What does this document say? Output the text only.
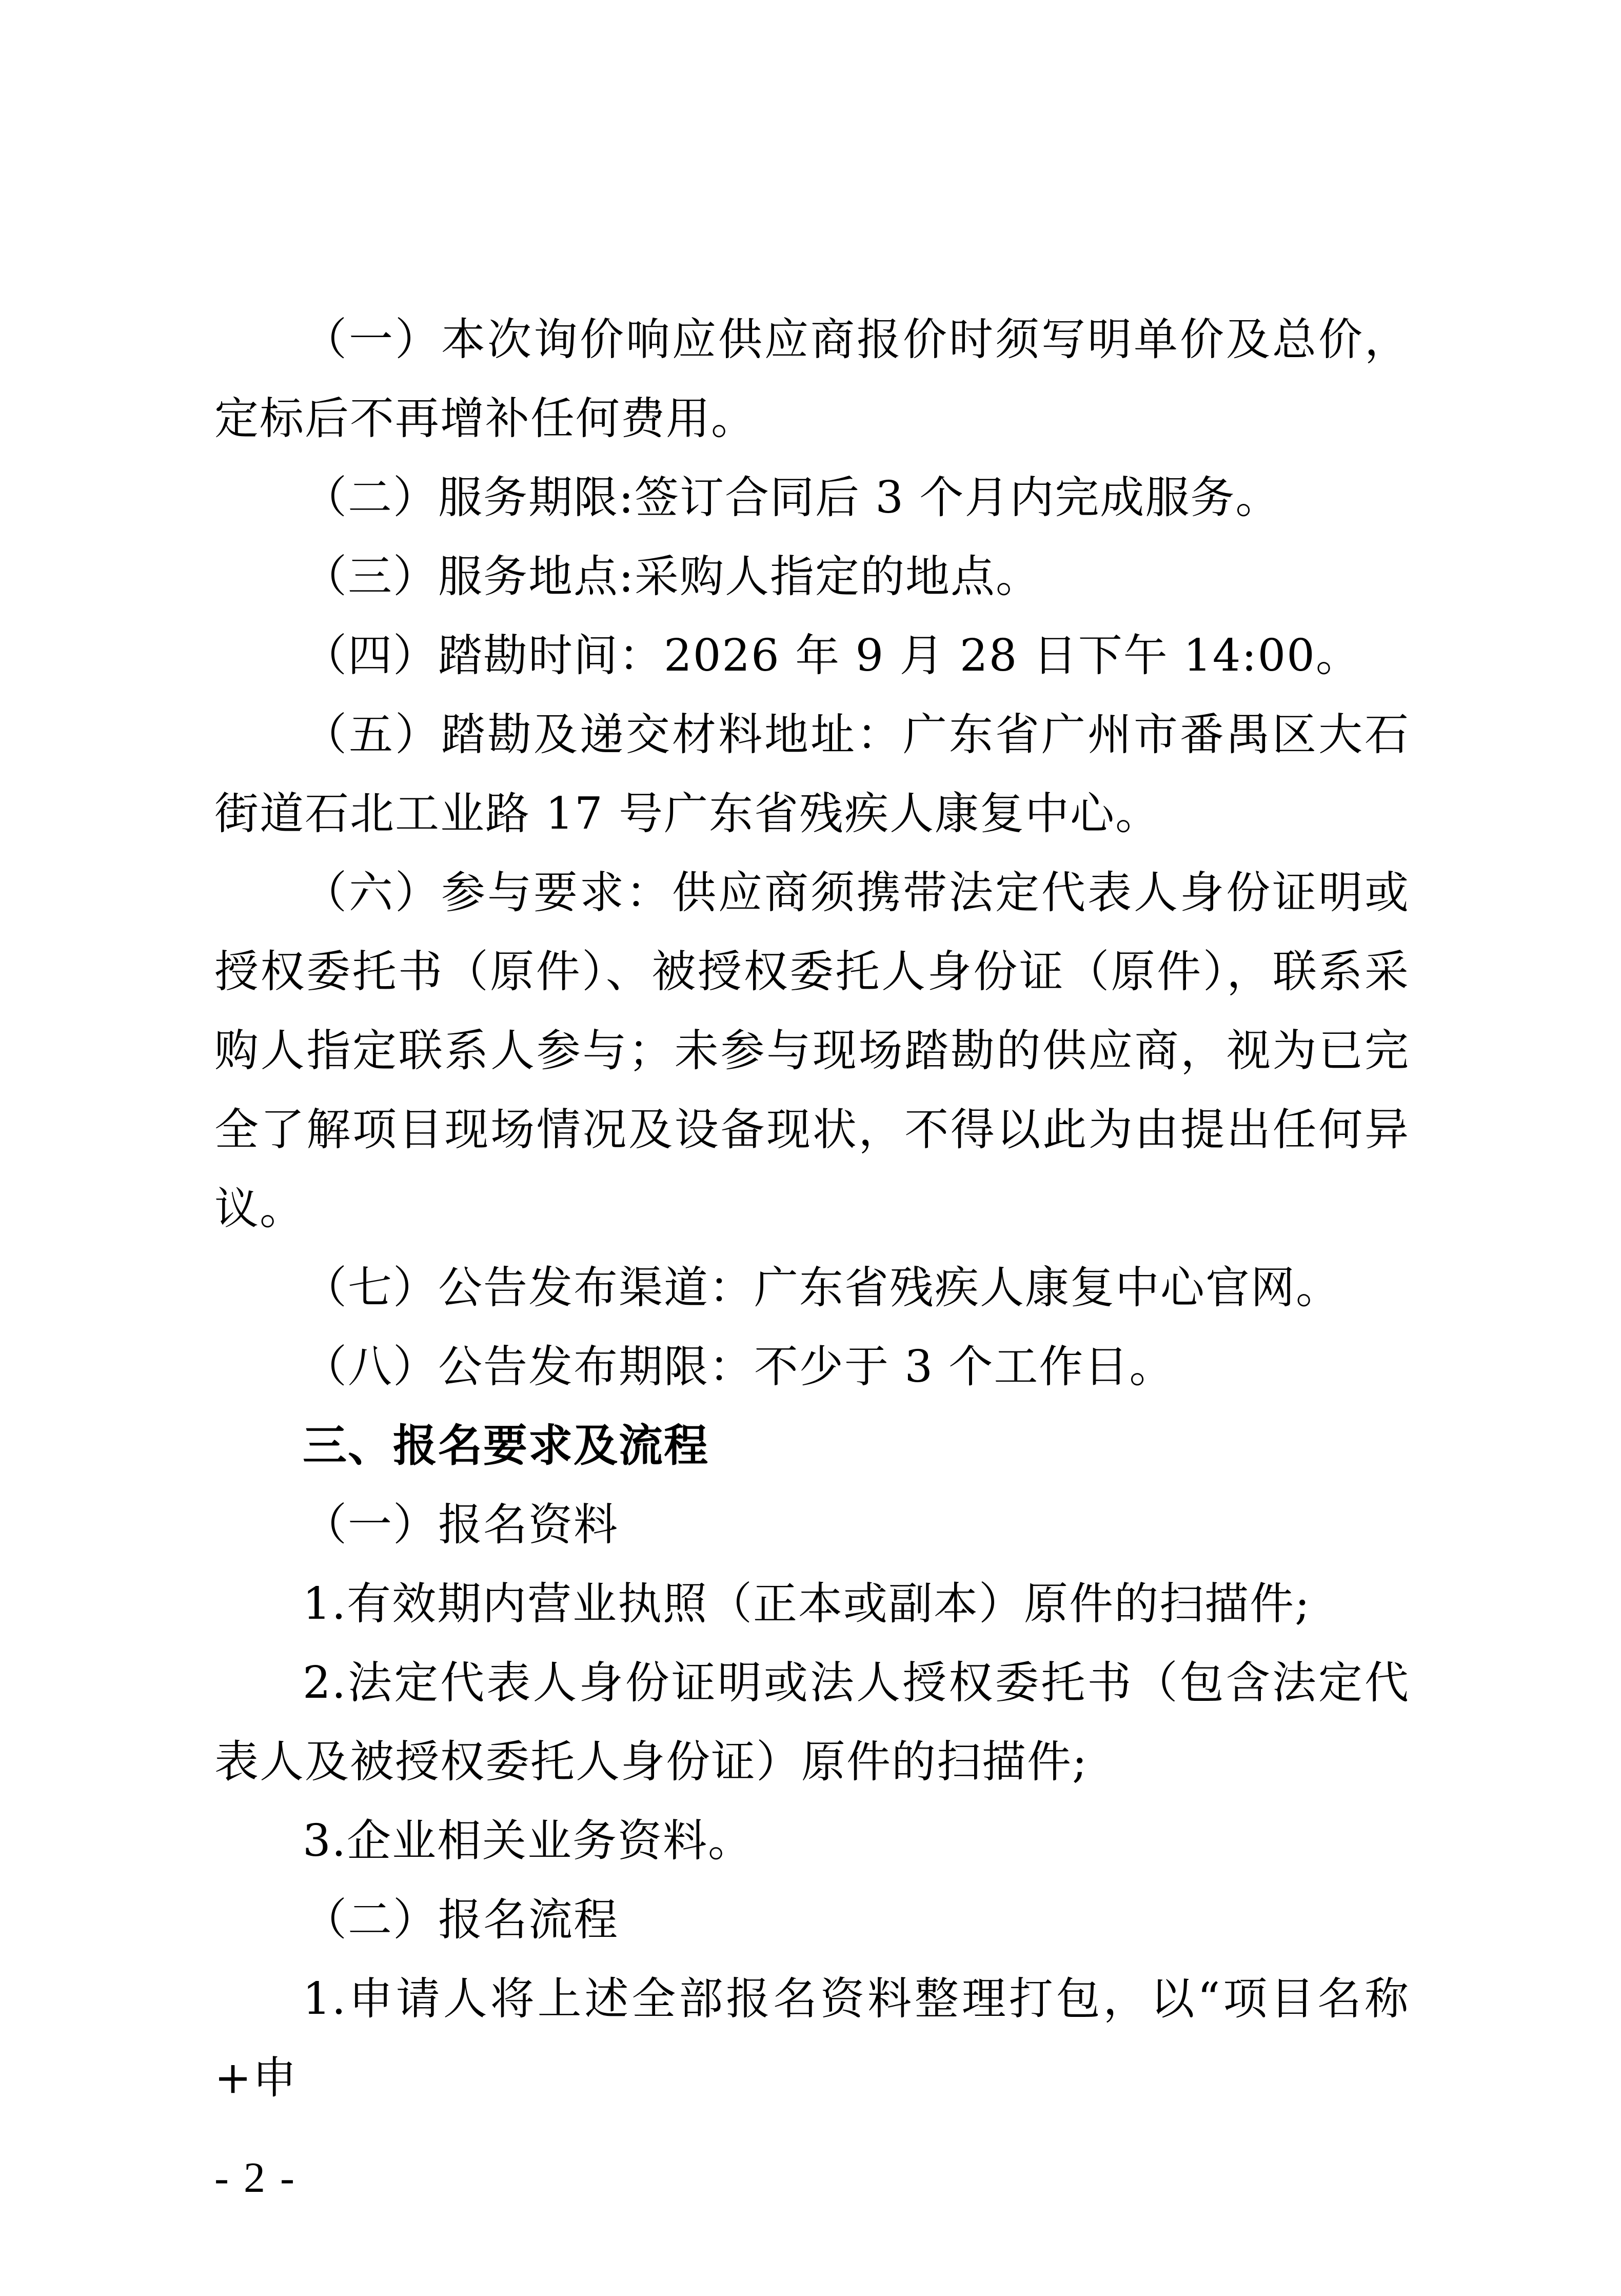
（一）本次询价响应供应商报价时须写明单价及总价，定标后不再增补任何费用。

（二）服务期限:签订合同后 3 个月内完成服务。

（三）服务地点:采购人指定的地点。

（四）踏勘时间：2026 年 9 月 28 日下午 14:00。

（五）踏勘及递交材料地址：广东省广州市番禺区大石街道石北工业路 17 号广东省残疾人康复中心。

（六）参与要求：供应商须携带法定代表人身份证明或授权委托书（原件）、被授权委托人身份证（原件），联系采购人指定联系人参与；未参与现场踏勘的供应商，视为已完全了解项目现场情况及设备现状，不得以此为由提出任何异议。

（七）公告发布渠道：广东省残疾人康复中心官网。

（八）公告发布期限：不少于 3 个工作日。

三、报名要求及流程

（一）报名资料

1.有效期内营业执照（正本或副本）原件的扫描件;

2.法定代表人身份证明或法人授权委托书（包含法定代表人及被授权委托人身份证）原件的扫描件;

3.企业相关业务资料。

（二）报名流程

1.申请人将上述全部报名资料整理打包，以“项目名称+申

- 2 -
